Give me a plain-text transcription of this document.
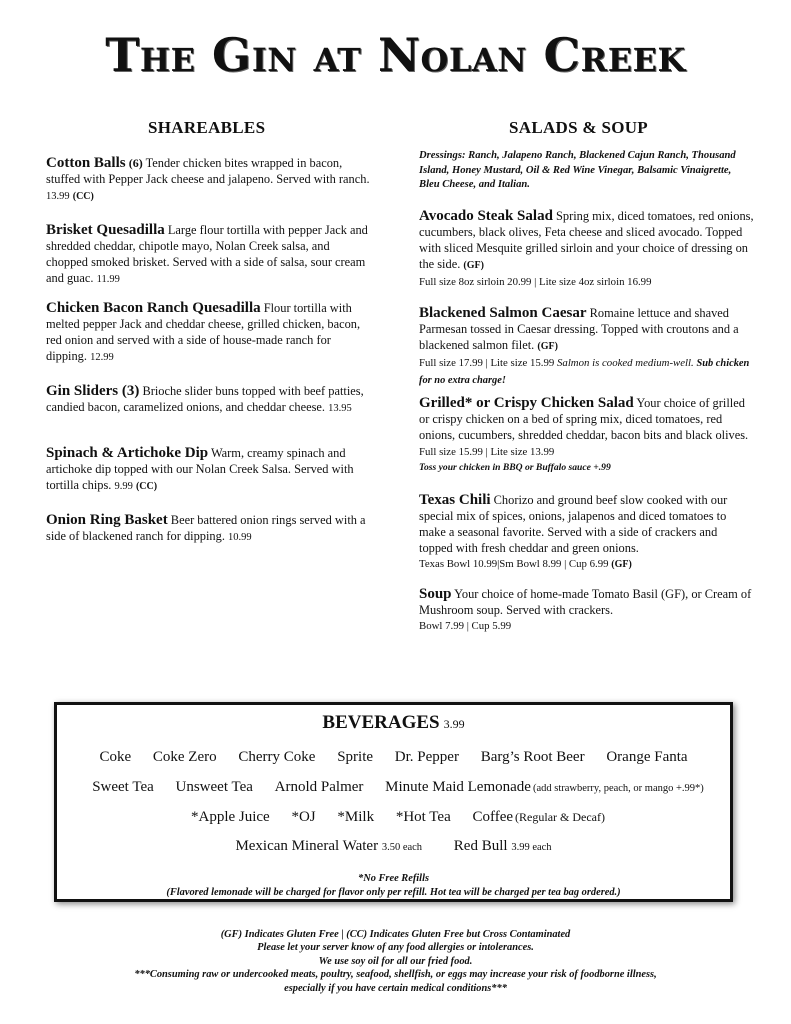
The Gin at Nolan Creek
SHAREABLES
Cotton Balls (6) Tender chicken bites wrapped in bacon, stuffed with Pepper Jack cheese and jalapeno. Served with ranch. 13.99 (CC)
Brisket Quesadilla Large flour tortilla with pepper Jack and shredded cheddar, chipotle mayo, Nolan Creek salsa, and chopped smoked brisket. Served with a side of salsa, sour cream and guac. 11.99
Chicken Bacon Ranch Quesadilla Flour tortilla with melted pepper Jack and cheddar cheese, grilled chicken, bacon, red onion and served with a side of house-made ranch for dipping. 12.99
Gin Sliders (3) Brioche slider buns topped with beef patties, candied bacon, caramelized onions, and cheddar cheese. 13.95
Spinach & Artichoke Dip Warm, creamy spinach and artichoke dip topped with our Nolan Creek Salsa. Served with tortilla chips. 9.99 (CC)
Onion Ring Basket Beer battered onion rings served with a side of blackened ranch for dipping. 10.99
SALADS & SOUP
Dressings: Ranch, Jalapeno Ranch, Blackened Cajun Ranch, Thousand Island, Honey Mustard, Oil & Red Wine Vinegar, Balsamic Vinaigrette, Bleu Cheese, and Italian.
Avocado Steak Salad Spring mix, diced tomatoes, red onions, cucumbers, black olives, Feta cheese and sliced avocado. Topped with sliced Mesquite grilled sirloin and your choice of dressing on the side. (GF)
Full size 8oz sirloin 20.99 | Lite size 4oz sirloin 16.99
Blackened Salmon Caesar Romaine lettuce and shaved Parmesan tossed in Caesar dressing. Topped with croutons and a blackened salmon filet. (GF)
Full size 17.99 | Lite size 15.99 Salmon is cooked medium-well. Sub chicken for no extra charge!
Grilled* or Crispy Chicken Salad Your choice of grilled or crispy chicken on a bed of spring mix, diced tomatoes, red onions, cucumbers, shredded cheddar, bacon bits and black olives. Full size 15.99 | Lite size 13.99
Toss your chicken in BBQ or Buffalo sauce +.99
Texas Chili Chorizo and ground beef slow cooked with our special mix of spices, onions, jalapenos and diced tomatoes to make a seasonal favorite. Served with a side of crackers and topped with fresh cheddar and green onions.
Texas Bowl 10.99|Sm Bowl 8.99 | Cup 6.99 (GF)
Soup Your choice of home-made Tomato Basil (GF), or Cream of Mushroom soup. Served with crackers.
Bowl 7.99 | Cup 5.99
BEVERAGES 3.99
Coke Coke Zero Cherry Coke Sprite Dr. Pepper Barg’s Root Beer Orange Fanta
Sweet Tea Unsweet Tea Arnold Palmer Minute Maid Lemonade (add strawberry, peach, or mango +.99*)
*Apple Juice *OJ *Milk *Hot Tea Coffee (Regular & Decaf)
Mexican Mineral Water 3.50 each Red Bull 3.99 each
*No Free Refills
(Flavored lemonade will be charged for flavor only per refill. Hot tea will be charged per tea bag ordered.)
(GF) Indicates Gluten Free | (CC) Indicates Gluten Free but Cross Contaminated
Please let your server know of any food allergies or intolerances.
We use soy oil for all our fried food.
***Consuming raw or undercooked meats, poultry, seafood, shellfish, or eggs may increase your risk of foodborne illness,
especially if you have certain medical conditions***
